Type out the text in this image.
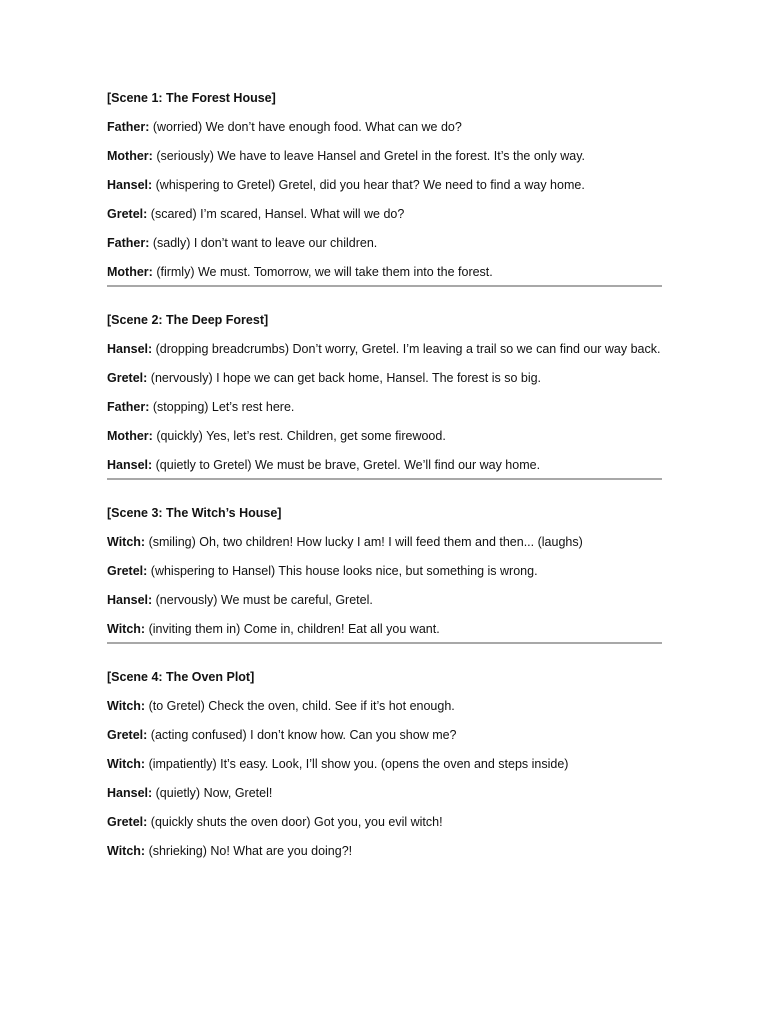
[Scene 1: The Forest House]

Father: (worried) We don’t have enough food. What can we do?

Mother: (seriously) We have to leave Hansel and Gretel in the forest. It’s the only way.

Hansel: (whispering to Gretel) Gretel, did you hear that? We need to find a way home.

Gretel: (scared) I’m scared, Hansel. What will we do?

Father: (sadly) I don’t want to leave our children.

Mother: (firmly) We must. Tomorrow, we will take them into the forest.

[Scene 2: The Deep Forest]

Hansel: (dropping breadcrumbs) Don’t worry, Gretel. I’m leaving a trail so we can find our way back.

Gretel: (nervously) I hope we can get back home, Hansel. The forest is so big.

Father: (stopping) Let’s rest here.

Mother: (quickly) Yes, let’s rest. Children, get some firewood.

Hansel: (quietly to Gretel) We must be brave, Gretel. We’ll find our way home.

[Scene 3: The Witch’s House]

Witch: (smiling) Oh, two children! How lucky I am! I will feed them and then... (laughs)

Gretel: (whispering to Hansel) This house looks nice, but something is wrong.

Hansel: (nervously) We must be careful, Gretel.

Witch: (inviting them in) Come in, children! Eat all you want.

[Scene 4: The Oven Plot]

Witch: (to Gretel) Check the oven, child. See if it’s hot enough.

Gretel: (acting confused) I don’t know how. Can you show me?

Witch: (impatiently) It’s easy. Look, I’ll show you. (opens the oven and steps inside)

Hansel: (quietly) Now, Gretel!

Gretel: (quickly shuts the oven door) Got you, you evil witch!

Witch: (shrieking) No! What are you doing?!
